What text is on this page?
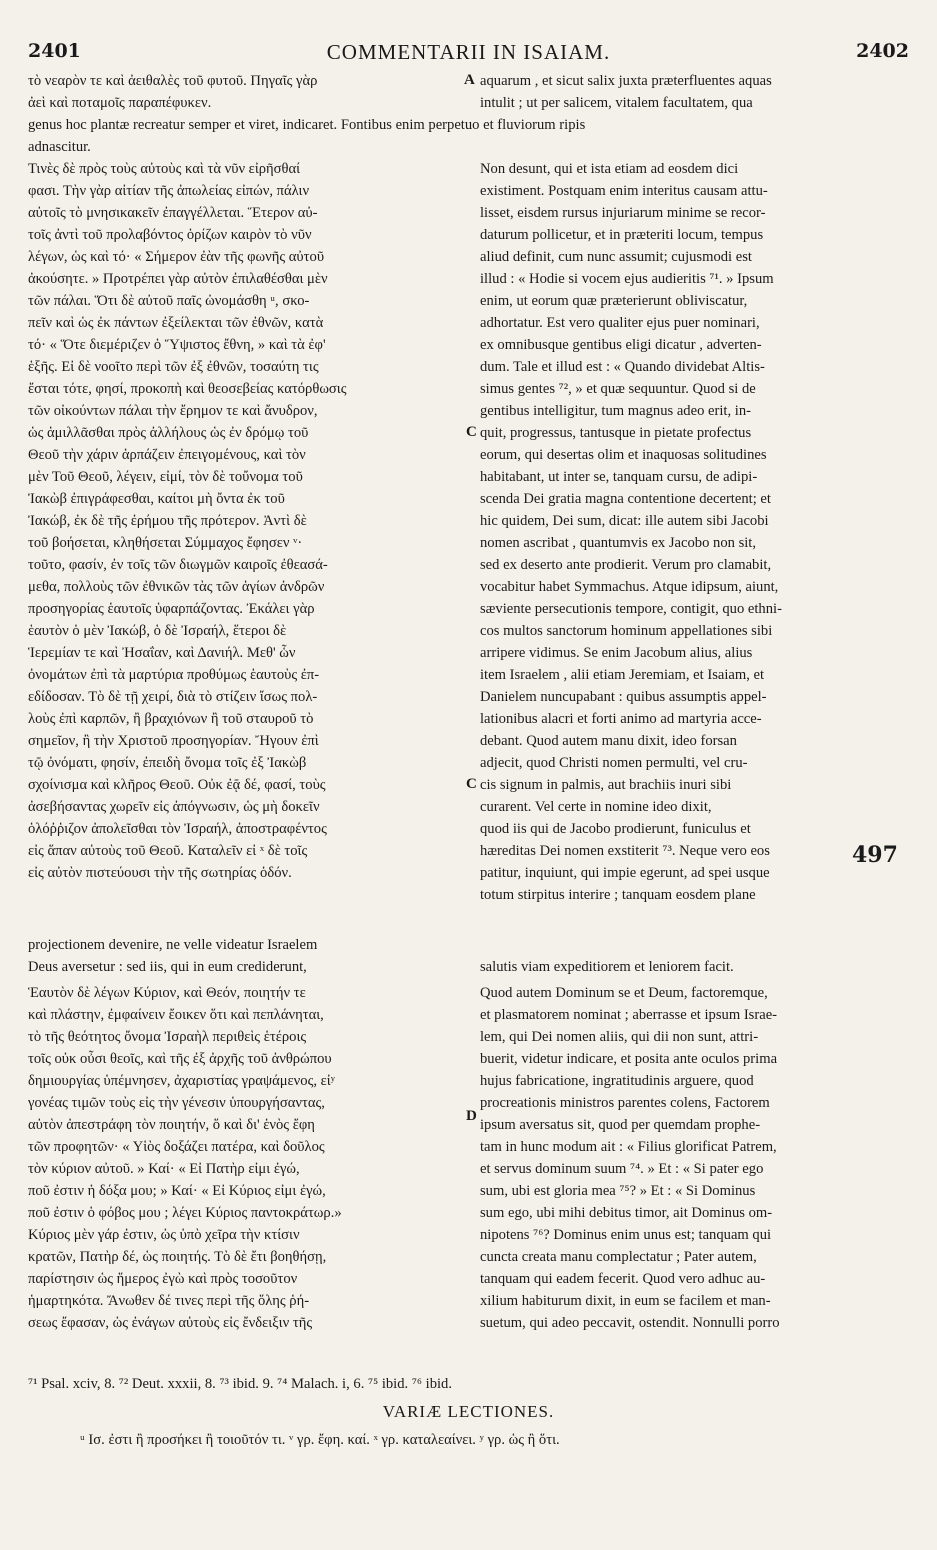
2401	COMMENTARII IN ISAIAM.	2402
τὸ νεαρὸν τε καὶ ἀειθαλὲς τοῦ φυτοῦ. Πηγαῖς γὰρ
ἀεὶ καὶ ποταμοῖς παραπέφυκεν.
aquarum , et sicut salix juxta præterfluentes aquas
intulit ; ut per salicem, vitalem facultatem, qua
genus hoc plantæ recreatur semper et viret, indicaret. Fontibus enim perpetuo et fluviorum ripis
adnascitur.
Τινὲς δὲ πρὸς τοὺς αὐτοὺς καὶ τὰ νῦν εἰρῆσθαί
φασι. Τὴν γὰρ αἰτίαν τῆς ἀπωλείας εἰπών, πάλιν
αὐτοῖς τὸ μνησικακεῖν ἐπαγγέλλεται. Ἕτερον αὐ-
τοῖς ἀντὶ τοῦ προλαβόντος ὁρίζων καιρὸν τὸ νῦν
λέγων, ὡς καὶ τό· « Σήμερον ἐὰν τῆς φωνῆς αὐτοῦ
ἀκούσητε. » Προτρέπει γὰρ αὐτὸν ἐπιλαθέσθαι μὲν
τῶν πάλαι. Ὅτι δὲ αὐτοῦ παῖς ὠνομάσθη ᵘ, σκο-
πεῖν καὶ ὡς ἐκ πάντων ἐξείλεκται τῶν ἐθνῶν, κατὰ
τό· « Ὅτε διεμέριζεν ὁ Ὕψιστος ἔθνη, » καὶ τὰ ἐφ'
ἑξῆς. Εἰ δὲ νοοῖτο περὶ τῶν ἐξ ἐθνῶν, τοσαύτη τις
ἔσται τότε, φησί, προκοπὴ καὶ θεοσεβείας κατόρθωσις
τῶν οἰκούντων πάλαι τὴν ἔρημον τε καὶ ἄνυδρον,
ὡς ἁμιλλᾶσθαι πρὸς ἀλλήλους ὡς ἐν δρόμῳ τοῦ
Θεοῦ τὴν χάριν ἁρπάζειν ἐπειγομένους, καὶ τὸν
μὲν Τοῦ Θεοῦ, λέγειν, εἰμί, τὸν δὲ τοὔνομα τοῦ
Ἰακὼβ ἐπιγράφεσθαι, καίτοι μὴ ὄντα ἐκ τοῦ
Ἰακώβ, ἐκ δὲ τῆς ἐρήμου τῆς πρότερον. Ἀντὶ δὲ
τοῦ βοήσεται, κληθήσεται Σύμμαχος ἔφησεν ᵛ·
τοῦτο, φασίν, ἐν τοῖς τῶν διωγμῶν καιροῖς ἐθεασά-
μεθα, πολλοὺς τῶν ἐθνικῶν τὰς τῶν ἁγίων ἀνδρῶν
προσηγορίας ἑαυτοῖς ὑφαρπάζοντας. Ἐκάλει γὰρ
ἑαυτὸν ὁ μὲν Ἰακώβ, ὁ δὲ Ἰσραήλ, ἕτεροι δὲ
Ἱερεμίαν τε καὶ Ἠσαΐαν, καὶ Δανιήλ. Μεθ' ὧν
ὀνομάτων ἐπὶ τὰ μαρτύρια προθύμως ἑαυτοὺς ἐπ-
εδίδοσαν. Τὸ δὲ τῇ χειρί, διὰ τὸ στίζειν ἴσως πολ-
λοὺς ἐπὶ καρπῶν, ἢ βραχιόνων ἢ τοῦ σταυροῦ τὸ
σημεῖον, ἢ τὴν Χριστοῦ προσηγορίαν. Ἤγουν ἐπὶ
τῷ ὀνόματι, φησίν, ἐπειδὴ ὄνομα τοῖς ἐξ Ἰακὼβ
σχοίνισμα καὶ κλῆρος Θεοῦ. Οὐκ ἐᾷ δέ, φασί, τοὺς
ἀσεβήσαντας χωρεῖν εἰς ἀπόγνωσιν, ὡς μὴ δοκεῖν
ὁλόῤῥιζον ἀπολεῖσθαι τὸν Ἰσραήλ, ἀποστραφέντος
εἰς ἅπαν αὐτοὺς τοῦ Θεοῦ. Καταλεῖν εἰ ˣ δὲ τοῖς
εἰς αὐτὸν πιστεύουσι τὴν τῆς σωτηρίας ὁδόν.
Non desunt, qui et ista etiam ad eosdem dici
existiment. Postquam enim interitus causam attu-
lisset, eisdem rursus injuriarum minime se recor-
daturum pollicetur, et in præteriti locum, tempus
aliud definit, cum nunc assumit; cujusmodi est
illud : « Hodie si vocem ejus audieritis ⁷¹. » Ipsum
enim, ut eorum quæ præterierunt obliviscatur,
adhortatur. Est vero qualiter ejus puer nominari,
ex omnibusque gentibus eligi dicatur , adverten-
dum. Tale et illud est : « Quando dividebat Altis-
simus gentes ⁷², » et quæ sequuntur. Quod si de
gentibus intelligitur, tum magnus adeo erit, in-
quit, progressus, tantusque in pietate profectus
eorum, qui desertas olim et inaquosas solitudines
habitabant, ut inter se, tanquam cursu, de adipi-
scenda Dei gratia magna contentione decertent; et
hic quidem, Dei sum, dicat: ille autem sibi Jacobi
nomen ascribat , quantumvis ex Jacobo non sit,
sed ex deserto ante prodierit. Verum pro clamabit,
vocabitur habet Symmachus. Atque idipsum, aiunt,
sæviente persecutionis tempore, contigit, quo ethni-
cos multos sanctorum hominum appellationes sibi
arripere vidimus. Se enim Jacobum alius, alius
item Israelem , alii etiam Jeremiam, et Isaiam, et
Danielem nuncupabant : quibus assumptis appel-
lationibus alacri et forti animo ad martyria acce-
debant. Quod autem manu dixit, ideo forsan
adjecit, quod Christi nomen permulti, vel cru-
cis signum in palmis, aut brachiis inuri sibi
curarent. Vel certe in nomine ideo dixit,
quod iis qui de Jacobo prodierunt, funiculus et
hæreditas Dei nomen exstiterit ⁷³. Neque vero eos
patitur, inquiunt, qui impie egerunt, ad spei usque
totum stirpitus interire ; tanquam eosdem plane
projectionem devenire, ne velle videatur Israelem
Deus aversetur : sed iis, qui in eum crediderunt,	salutis viam expeditiorem et leniorem facit.
Ἑαυτὸν δὲ λέγων Κύριον, καὶ Θεόν, ποιητήν τε
καὶ πλάστην, ἐμφαίνειν ἔοικεν ὅτι καὶ πεπλάνηται,
τὸ τῆς θεότητος ὄνομα Ἰσραὴλ περιθεὶς ἑτέροις
τοῖς οὐκ οὖσι θεοῖς, καὶ τῆς ἐξ ἀρχῆς τοῦ ἀνθρώπου
δημιουργίας ὑπέμνησεν, ἀχαριστίας γραψάμενος, εἰʸ
γονέας τιμῶν τοὺς εἰς τὴν γένεσιν ὑπουργήσαντας,
αὐτὸν ἀπεστράφη τὸν ποιητήν, ὅ καὶ δι' ἑνὸς ἔφη
τῶν προφητῶν· « Υἱὸς δοξάζει πατέρα, καὶ δοῦλος
τὸν κύριον αὐτοῦ. » Καί· « Εἰ Πατὴρ εἰμι ἐγώ,
ποῦ ἐστιν ἡ δόξα μου; » Καί· « Εἰ Κύριος εἰμι ἐγώ,
ποῦ ἐστιν ὁ φόβος μου ; λέγει Κύριος παντοκράτωρ.»
Κύριος μὲν γάρ ἐστιν, ὡς ὑπὸ χεῖρα τὴν κτίσιν
κρατῶν, Πατὴρ δέ, ὡς ποιητής. Τὸ δὲ ἔτι βοηθήσῃ,
παρίστησιν ὡς ἥμερος ἐγὼ καὶ πρὸς τοσοῦτον
ἡμαρτηκότα. Ἄνωθεν δέ τινες περὶ τῆς ὅλης ῥή-
σεως ἔφασαν, ὡς ἐνάγων αὐτοὺς εἰς ἔνδειξιν τῆς
Quod autem Dominum se et Deum, factoremque,
et plasmatorem nominat ; aberrasse et ipsum Israe-
lem, qui Dei nomen aliis, qui dii non sunt, attri-
buerit, videtur indicare, et posita ante oculos prima
hujus fabricatione, ingratitudinis arguere, quod
procreationis ministros parentes colens, Factorem
ipsum aversatus sit, quod per quemdam prophe-
tam in hunc modum ait : « Filius glorificat Patrem,
et servus dominum suum ⁷⁴. » Et : « Si pater ego
sum, ubi est gloria mea ⁷⁵? » Et : « Si Dominus
sum ego, ubi mihi debitus timor, ait Dominus om-
nipotens ⁷⁶? Dominus enim unus est; tanquam qui
cuncta creata manu complectatur ; Pater autem,
tanquam qui eadem fecerit. Quod vero adhuc au-
xilium habiturum dixit, in eum se facilem et man-
suetum, qui adeo peccavit, ostendit. Nonnulli porro
A
C
C
D
497
⁷¹ Psal. xciv, 8. ⁷² Deut. xxxii, 8. ⁷³ ibid. 9. ⁷⁴ Malach. i, 6. ⁷⁵ ibid. ⁷⁶ ibid.
VARIÆ LECTIONES.
ᵘ Ισ. ἐστι ἢ προσήκει ἢ τοιοῦτόν τι. ᵛ γρ. ἔφη. καί. ˣ γρ. καταλεαίνει. ʸ γρ. ὡς ἢ ὅτι.
